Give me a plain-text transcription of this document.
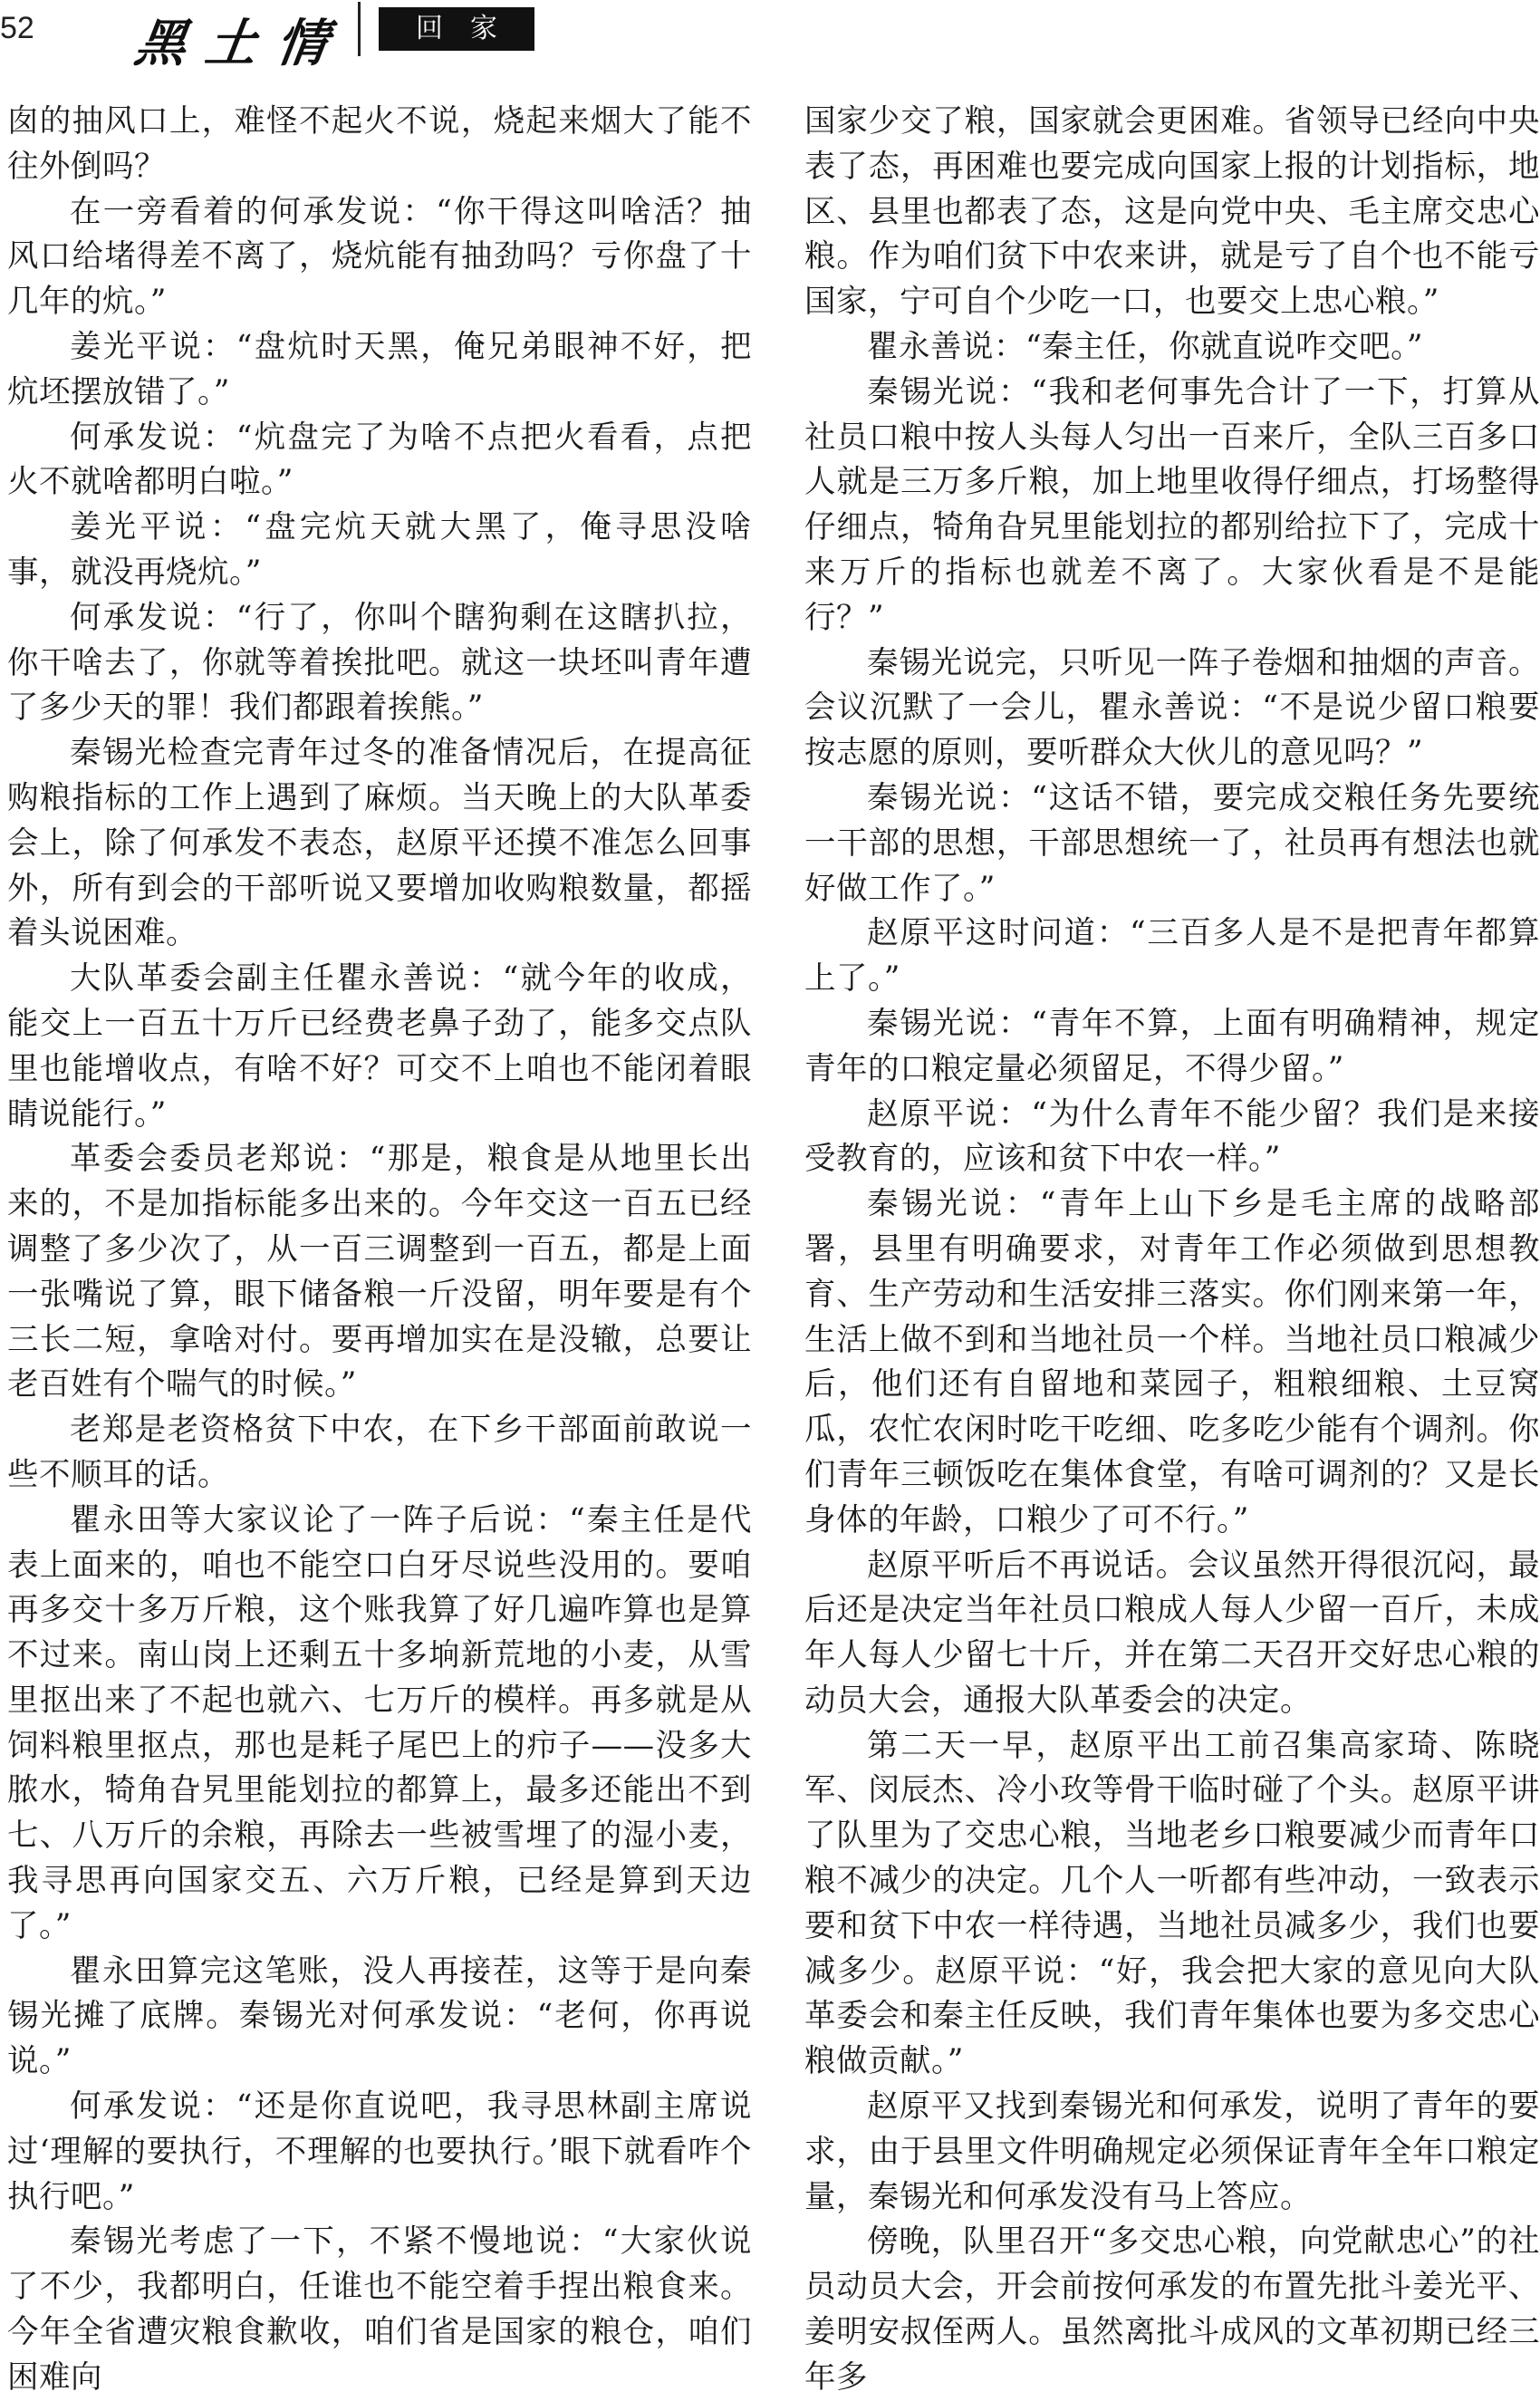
52 黑土情	回家

囱的抽风口上，难怪不起火不说，烧起来烟大了能不往外倒吗？

在一旁看着的何承发说：“你干得这叫啥活？抽风口给堵得差不离了，烧炕能有抽劲吗？亏你盘了十几年的炕。”

姜光平说：“盘炕时天黑，俺兄弟眼神不好，把炕坯摆放错了。”

何承发说：“炕盘完了为啥不点把火看看，点把火不就啥都明白啦。”

姜光平说：“盘完炕天就大黑了，俺寻思没啥事，就没再烧炕。”

何承发说：“行了，你叫个瞎狗剩在这瞎扒拉，你干啥去了，你就等着挨批吧。就这一块坯叫青年遭了多少天的罪！我们都跟着挨熊。”

秦锡光检查完青年过冬的准备情况后，在提高征购粮指标的工作上遇到了麻烦。当天晚上的大队革委会上，除了何承发不表态，赵原平还摸不准怎么回事外，所有到会的干部听说又要增加收购粮数量，都摇着头说困难。

大队革委会副主任瞿永善说：“就今年的收成，能交上一百五十万斤已经费老鼻子劲了，能多交点队里也能增收点，有啥不好？可交不上咱也不能闭着眼睛说能行。”

革委会委员老郑说：“那是，粮食是从地里长出来的，不是加指标能多出来的。今年交这一百五已经调整了多少次了，从一百三调整到一百五，都是上面一张嘴说了算，眼下储备粮一斤没留，明年要是有个三长二短，拿啥对付。要再增加实在是没辙，总要让老百姓有个喘气的时候。”

老郑是老资格贫下中农，在下乡干部面前敢说一些不顺耳的话。

瞿永田等大家议论了一阵子后说：“秦主任是代表上面来的，咱也不能空口白牙尽说些没用的。要咱再多交十多万斤粮，这个账我算了好几遍咋算也是算不过来。南山岗上还剩五十多垧新荒地的小麦，从雪里抠出来了不起也就六、七万斤的模样。再多就是从饲料粮里抠点，那也是耗子尾巴上的疖子——没多大脓水，犄角旮旯里能划拉的都算上，最多还能出不到七、八万斤的余粮，再除去一些被雪埋了的湿小麦，我寻思再向国家交五、六万斤粮，已经是算到天边了。”

瞿永田算完这笔账，没人再接茬，这等于是向秦锡光摊了底牌。秦锡光对何承发说：“老何，你再说说。”

何承发说：“还是你直说吧，我寻思林副主席说过‘理解的要执行，不理解的也要执行。’眼下就看咋个执行吧。”

秦锡光考虑了一下，不紧不慢地说：“大家伙说了不少，我都明白，任谁也不能空着手捏出粮食来。今年全省遭灾粮食歉收，咱们省是国家的粮仓，咱们困难向

国家少交了粮，国家就会更困难。省领导已经向中央表了态，再困难也要完成向国家上报的计划指标，地区、县里也都表了态，这是向党中央、毛主席交忠心粮。作为咱们贫下中农来讲，就是亏了自个也不能亏国家，宁可自个少吃一口，也要交上忠心粮。”

瞿永善说：“秦主任，你就直说咋交吧。”

秦锡光说：“我和老何事先合计了一下，打算从社员口粮中按人头每人匀出一百来斤，全队三百多口人就是三万多斤粮，加上地里收得仔细点，打场整得仔细点，犄角旮旯里能划拉的都别给拉下了，完成十来万斤的指标也就差不离了。大家伙看是不是能行？”

秦锡光说完，只听见一阵子卷烟和抽烟的声音。会议沉默了一会儿，瞿永善说：“不是说少留口粮要按志愿的原则，要听群众大伙儿的意见吗？”

秦锡光说：“这话不错，要完成交粮任务先要统一干部的思想，干部思想统一了，社员再有想法也就好做工作了。”

赵原平这时问道：“三百多人是不是把青年都算上了。”

秦锡光说：“青年不算，上面有明确精神，规定青年的口粮定量必须留足，不得少留。”

赵原平说：“为什么青年不能少留？我们是来接受教育的，应该和贫下中农一样。”

秦锡光说：“青年上山下乡是毛主席的战略部署，县里有明确要求，对青年工作必须做到思想教育、生产劳动和生活安排三落实。你们刚来第一年，生活上做不到和当地社员一个样。当地社员口粮减少后，他们还有自留地和菜园子，粗粮细粮、土豆窝瓜，农忙农闲时吃干吃细、吃多吃少能有个调剂。你们青年三顿饭吃在集体食堂，有啥可调剂的？又是长身体的年龄，口粮少了可不行。”

赵原平听后不再说话。会议虽然开得很沉闷，最后还是决定当年社员口粮成人每人少留一百斤，未成年人每人少留七十斤，并在第二天召开交好忠心粮的动员大会，通报大队革委会的决定。

第二天一早，赵原平出工前召集高家琦、陈晓军、闵辰杰、冷小玫等骨干临时碰了个头。赵原平讲了队里为了交忠心粮，当地老乡口粮要减少而青年口粮不减少的决定。几个人一听都有些冲动，一致表示要和贫下中农一样待遇，当地社员减多少，我们也要减多少。赵原平说：“好，我会把大家的意见向大队革委会和秦主任反映，我们青年集体也要为多交忠心粮做贡献。”

赵原平又找到秦锡光和何承发，说明了青年的要求，由于县里文件明确规定必须保证青年全年口粮定量，秦锡光和何承发没有马上答应。

傍晚，队里召开“多交忠心粮，向党献忠心”的社员动员大会，开会前按何承发的布置先批斗姜光平、姜明安叔侄两人。虽然离批斗成风的文革初期已经三年多
